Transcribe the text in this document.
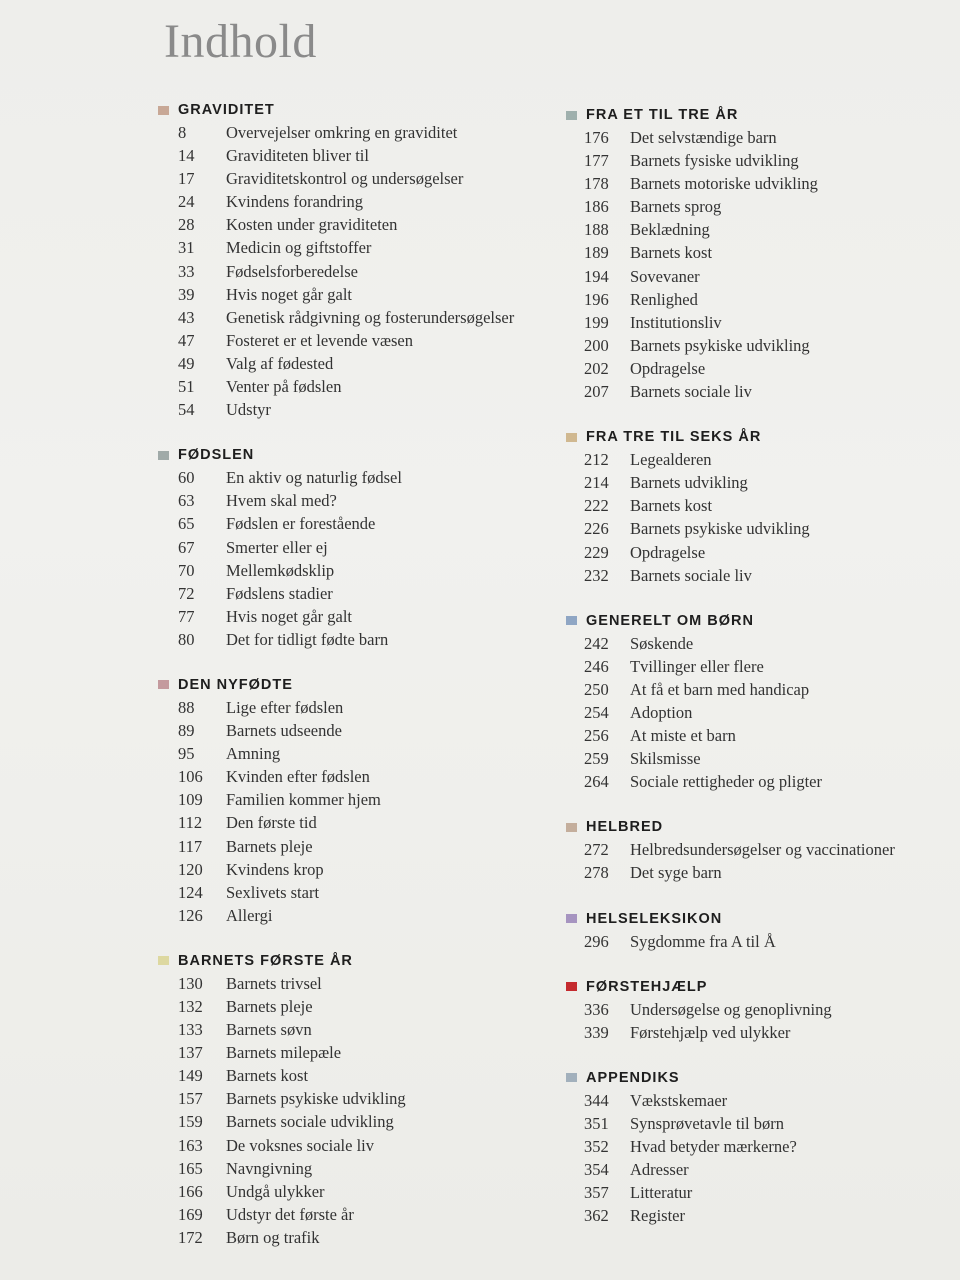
Indhold
GRAVIDITET
8	Overvejelser omkring en graviditet
14	Graviditeten bliver til
17	Graviditetskontrol og undersøgelser
24	Kvindens forandring
28	Kosten under graviditeten
31	Medicin og giftstoffer
33	Fødselsforberedelse
39	Hvis noget går galt
43	Genetisk rådgivning og fosterundersøgelser
47	Fosteret er et levende væsen
49	Valg af fødested
51	Venter på fødslen
54	Udstyr
FØDSLEN
60	En aktiv og naturlig fødsel
63	Hvem skal med?
65	Fødslen er forestående
67	Smerter eller ej
70	Mellemkødsklip
72	Fødslens stadier
77	Hvis noget går galt
80	Det for tidligt fødte barn
DEN NYFØDTE
88	Lige efter fødslen
89	Barnets udseende
95	Amning
106	Kvinden efter fødslen
109	Familien kommer hjem
112	Den første tid
117	Barnets pleje
120	Kvindens krop
124	Sexlivets start
126	Allergi
BARNETS FØRSTE ÅR
130	Barnets trivsel
132	Barnets pleje
133	Barnets søvn
137	Barnets milepæle
149	Barnets kost
157	Barnets psykiske udvikling
159	Barnets sociale udvikling
163	De voksnes sociale liv
165	Navngivning
166	Undgå ulykker
169	Udstyr det første år
172	Børn og trafik
FRA ET TIL TRE ÅR
176	Det selvstændige barn
177	Barnets fysiske udvikling
178	Barnets motoriske udvikling
186	Barnets sprog
188	Beklædning
189	Barnets kost
194	Sovevaner
196	Renlighed
199	Institutionsliv
200	Barnets psykiske udvikling
202	Opdragelse
207	Barnets sociale liv
FRA TRE TIL SEKS ÅR
212	Legealderen
214	Barnets udvikling
222	Barnets kost
226	Barnets psykiske udvikling
229	Opdragelse
232	Barnets sociale liv
GENERELT OM BØRN
242	Søskende
246	Tvillinger eller flere
250	At få et barn med handicap
254	Adoption
256	At miste et barn
259	Skilsmisse
264	Sociale rettigheder og pligter
HELBRED
272	Helbredsundersøgelser og vaccinationer
278	Det syge barn
HELSELEKSIKON
296	Sygdomme fra A til Å
FØRSTEHJÆLP
336	Undersøgelse og genoplivning
339	Førstehjælp ved ulykker
APPENDIKS
344	Vækstskemaer
351	Synsprøvetavle til børn
352	Hvad betyder mærkerne?
354	Adresser
357	Litteratur
362	Register
